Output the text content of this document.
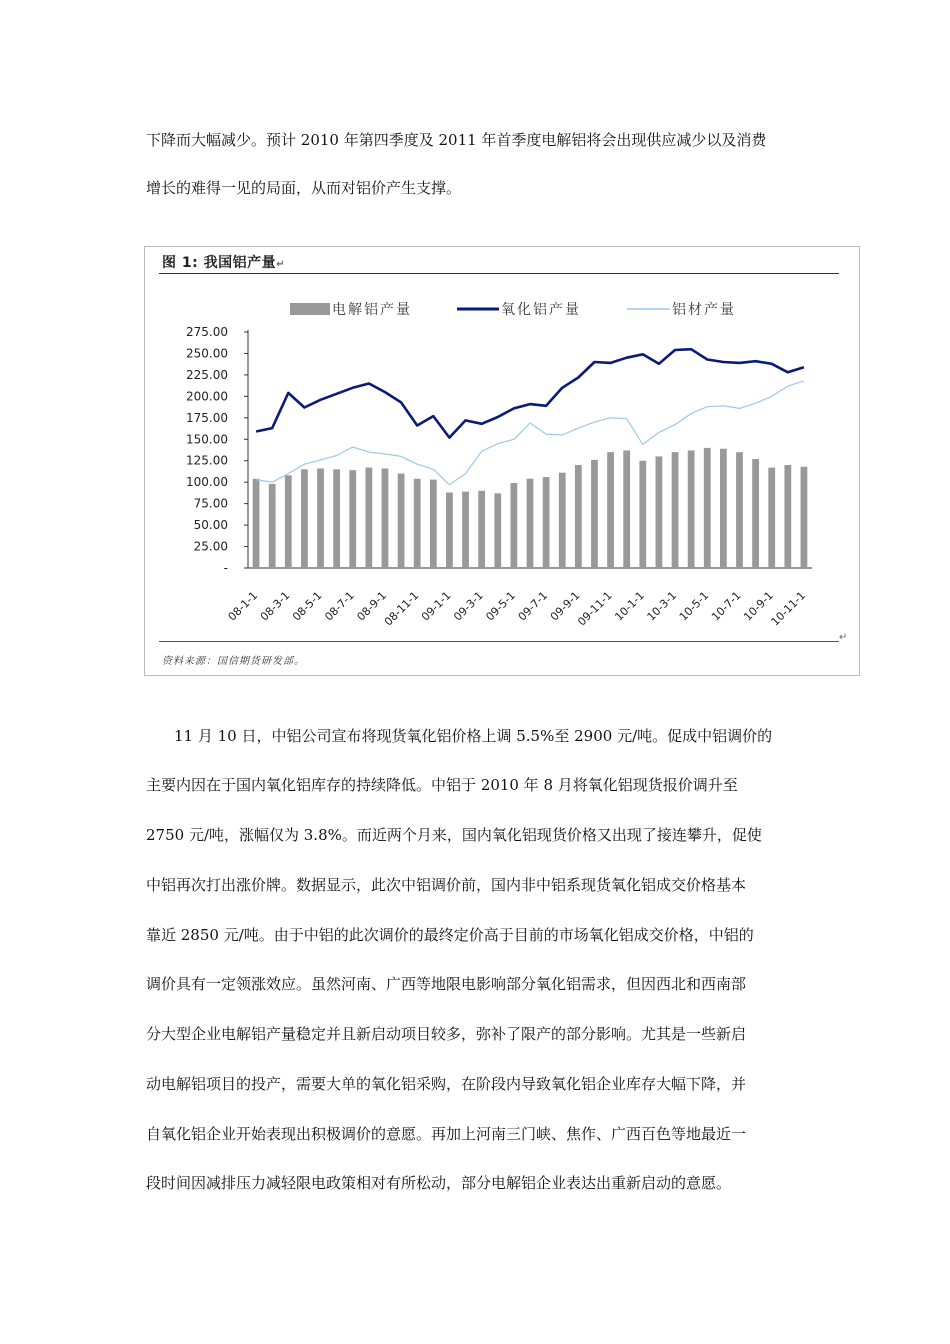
下降而大幅减少。预计 2010 年第四季度及 2011 年首季度电解铝将会出现供应减少以及消费
增长的难得一见的局面，从而对铝价产生支撑。
图 1: 我国铝产量↵
电解铝产量	氧化铝产量	铝材产量
-
25.00
50.00
75.00
100.00
125.00
150.00
175.00
200.00
225.00
250.00
275.00
08-1-1
08-3-1
08-5-1
08-7-1
08-9-1
08-11-1
09-1-1
09-3-1
09-5-1
09-7-1
09-9-1
09-11-1
10-1-1
10-3-1
10-5-1
10-7-1
10-9-1
10-11-1
资料来源：国信期货研发部。
↵
11 月 10 日，中铝公司宣布将现货氧化铝价格上调 5.5%至 2900 元/吨。促成中铝调价的
主要内因在于国内氧化铝库存的持续降低。中铝于 2010 年 8 月将氧化铝现货报价调升至
2750 元/吨，涨幅仅为 3.8%。而近两个月来，国内氧化铝现货价格又出现了接连攀升，促使
中铝再次打出涨价牌。数据显示，此次中铝调价前，国内非中铝系现货氧化铝成交价格基本
靠近 2850 元/吨。由于中铝的此次调价的最终定价高于目前的市场氧化铝成交价格，中铝的
调价具有一定领涨效应。虽然河南、广西等地限电影响部分氧化铝需求，但因西北和西南部
分大型企业电解铝产量稳定并且新启动项目较多，弥补了限产的部分影响。尤其是一些新启
动电解铝项目的投产，需要大单的氧化铝采购，在阶段内导致氧化铝企业库存大幅下降，并
自氧化铝企业开始表现出积极调价的意愿。再加上河南三门峡、焦作、广西百色等地最近一
段时间因减排压力减轻限电政策相对有所松动，部分电解铝企业表达出重新启动的意愿。
